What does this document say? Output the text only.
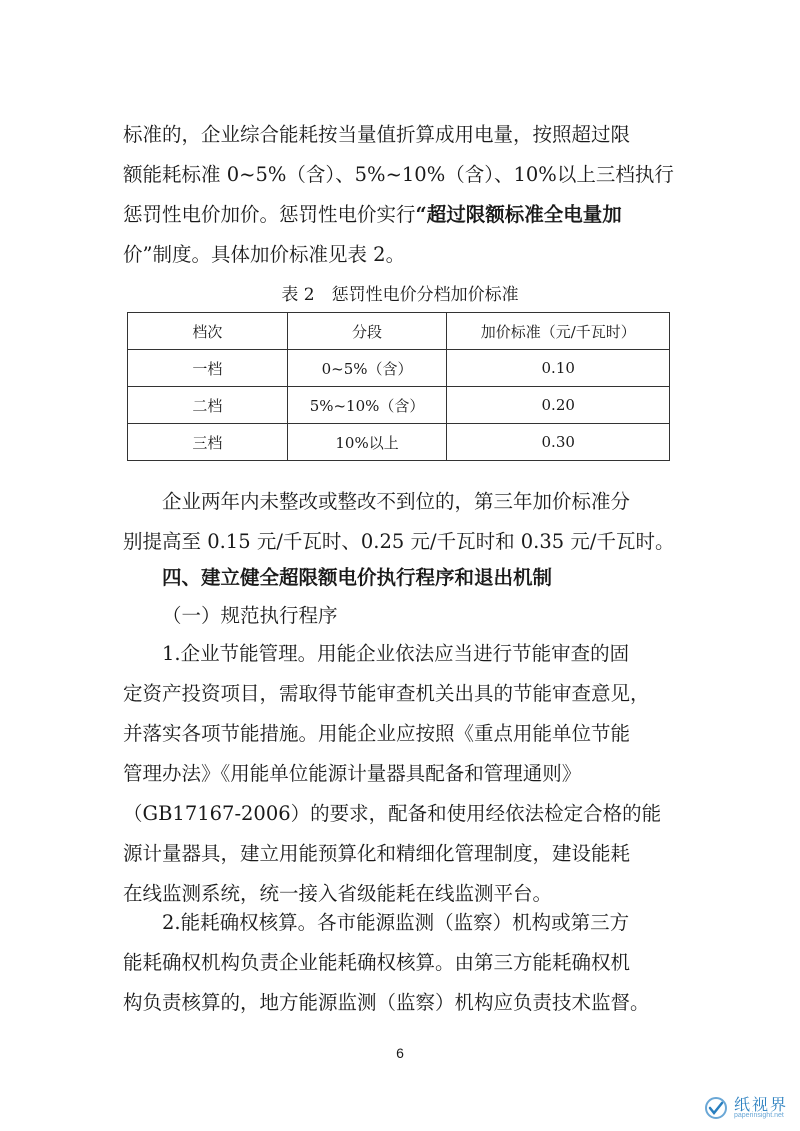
标准的，企业综合能耗按当量值折算成用电量，按照超过限
额能耗标准 0~5%（含）、5%~10%（含）、10%以上三档执行
惩罚性电价加价。惩罚性电价实行“超过限额标准全电量加
价”制度。具体加价标准见表 2。
表 2　惩罚性电价分档加价标准
档次	分段	加价标准（元/千瓦时）
一档	0~5%（含）	0.10
二档	5%~10%（含）	0.20
三档	10%以上	0.30
企业两年内未整改或整改不到位的，第三年加价标准分
别提高至 0.15 元/千瓦时、0.25 元/千瓦时和 0.35 元/千瓦时。
四、建立健全超限额电价执行程序和退出机制
（一）规范执行程序
1.企业节能管理。用能企业依法应当进行节能审查的固
定资产投资项目，需取得节能审查机关出具的节能审查意见，
并落实各项节能措施。用能企业应按照《重点用能单位节能
管理办法》《用能单位能源计量器具配备和管理通则》
（GB17167-2006）的要求，配备和使用经依法检定合格的能
源计量器具，建立用能预算化和精细化管理制度，建设能耗
在线监测系统，统一接入省级能耗在线监测平台。
2.能耗确权核算。各市能源监测（监察）机构或第三方
能耗确权机构负责企业能耗确权核算。由第三方能耗确权机
构负责核算的，地方能源监测（监察）机构应负责技术监督。
6
纸视界
paperinsight.net
